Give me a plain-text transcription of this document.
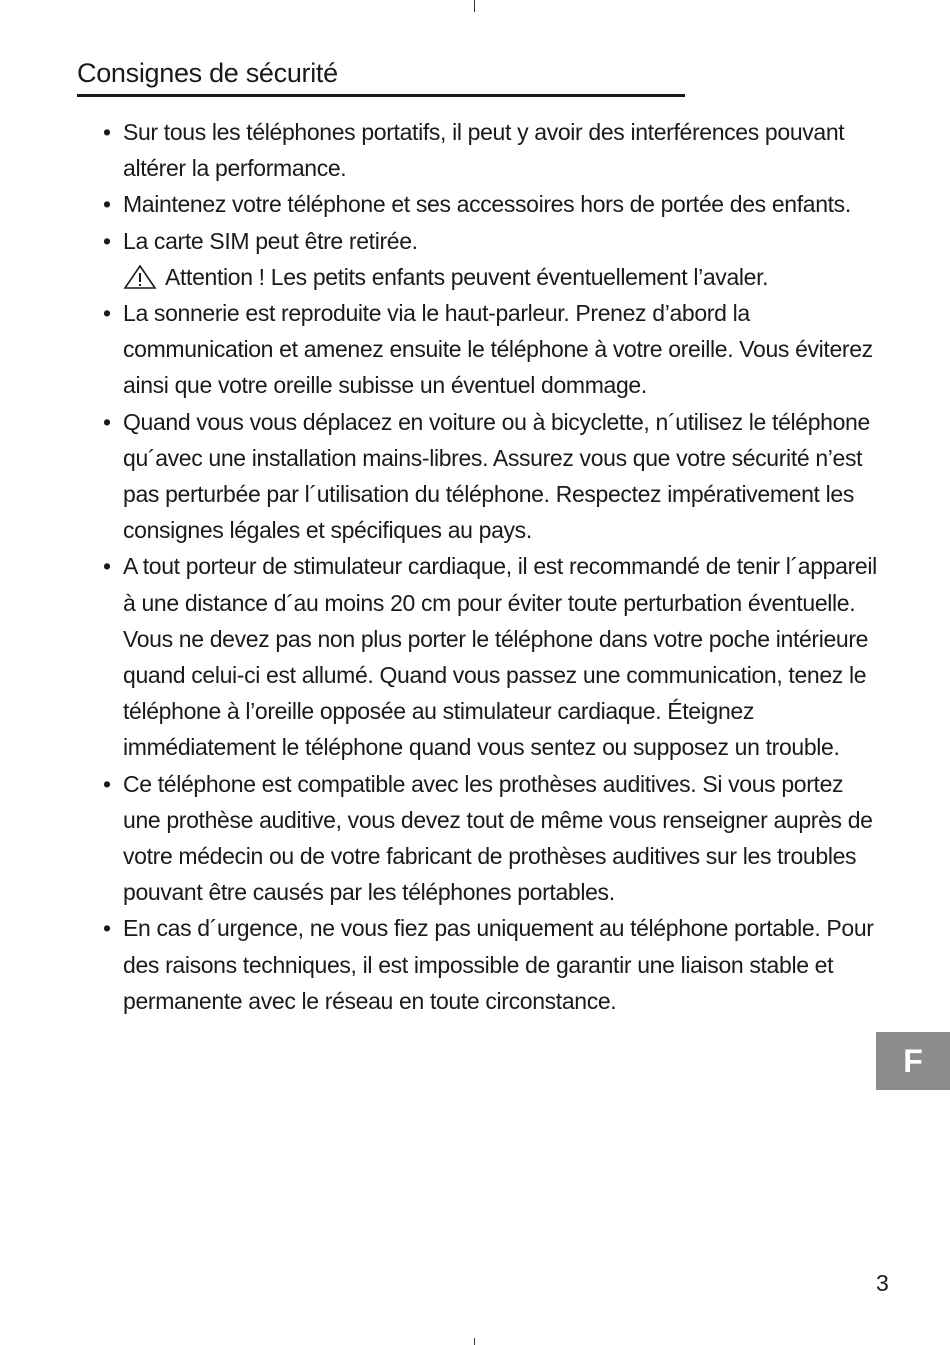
Consignes de sécurité
• Sur tous les téléphones portatifs, il peut y avoir des interférences pouvant altérer la performance.
• Maintenez votre téléphone et ses accessoires hors de portée des enfants.
• La carte SIM peut être retirée.
Attention ! Les petits enfants peuvent éventuellement l’avaler.
• La sonnerie est reproduite via le haut-parleur. Prenez d’abord la communication et amenez ensuite le téléphone à votre oreille. Vous éviterez ainsi que votre oreille subisse un éventuel dommage.
• Quand vous vous déplacez en voiture ou à bicyclette, n´utilisez le téléphone qu´avec une installation mains-libres. Assurez vous que votre sécurité n’est pas perturbée par l´utilisation du téléphone. Respectez impérativement les consignes légales et spécifiques au pays.
• A tout porteur de stimulateur cardiaque, il est recommandé de tenir l´appareil à une distance d´au moins 20 cm pour éviter toute perturbation éventuelle. Vous ne devez pas non plus porter le téléphone dans votre poche intérieure quand celui-ci est allumé. Quand vous passez une communication, tenez le téléphone à l’oreille opposée au stimulateur cardiaque. Éteignez immédiatement le téléphone quand vous sentez ou supposez un trouble.
• Ce téléphone est compatible avec les prothèses auditives. Si vous portez une prothèse auditive, vous devez tout de même vous renseigner auprès de votre médecin ou de votre fabricant de prothèses auditives sur les troubles pouvant être causés par les téléphones portables.
• En cas d´urgence, ne vous fiez pas uniquement au téléphone portable. Pour des raisons techniques, il est impossible de garantir une liaison stable et permanente avec le réseau en toute circonstance.
F
3
